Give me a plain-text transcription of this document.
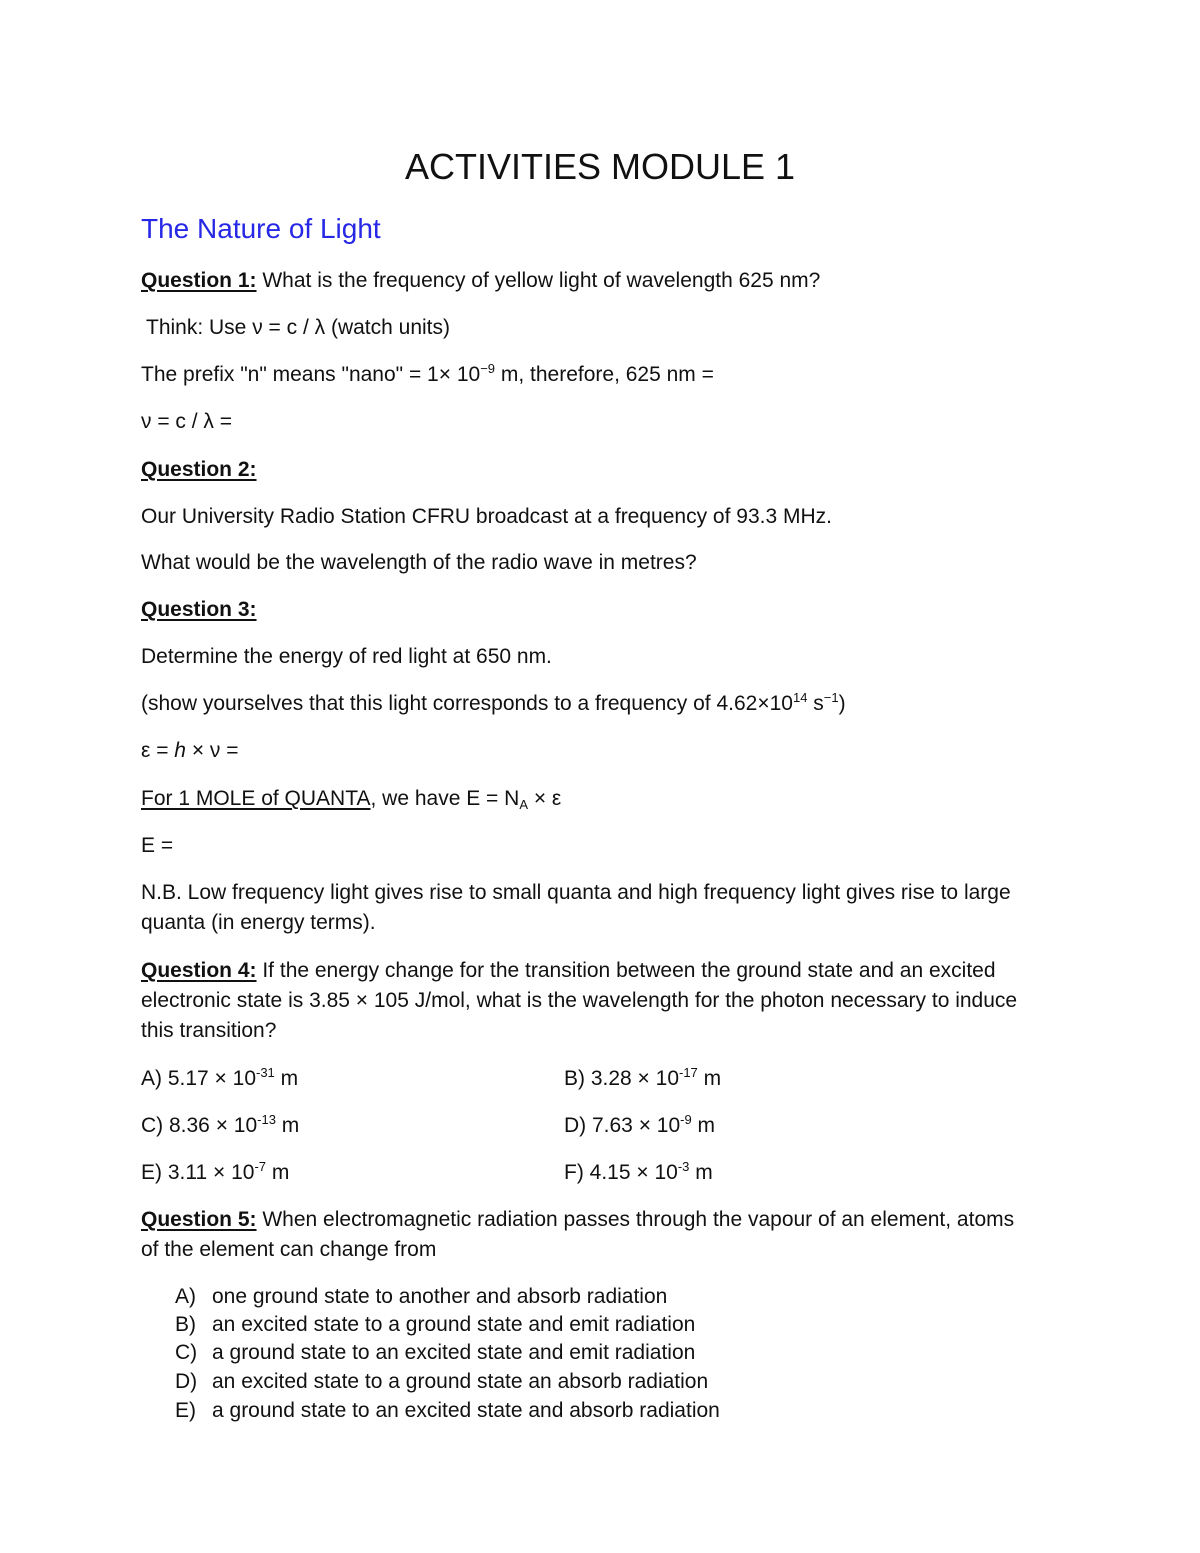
ACTIVITIES MODULE 1
The Nature of Light
Question 1: What is the frequency of yellow light of wavelength 625 nm?
Think: Use ν = c / λ (watch units)
The prefix "n" means "nano" = $1\times 10^{-9}$ m, therefore, 625 nm =
ν = c / λ =
Question 2:
Our University Radio Station CFRU broadcast at a frequency of 93.3 MHz.
What would be the wavelength of the radio wave in metres?
Question 3:
Determine the energy of red light at 650 nm.
(show yourselves that this light corresponds to a frequency of $4.62\times 10^{14}$ $s^{-1}$)
ε = h × ν =
For 1 MOLE of QUANTA, we have $E = N_A \times \varepsilon$
E =
N.B. Low frequency light gives rise to small quanta and high frequency light gives rise to large
quanta (in energy terms).
Question 4: If the energy change for the transition between the ground state and an excited
electronic state is 3.85 × 105 J/mol, what is the wavelength for the photon necessary to induce
this transition?
A) $5.17 \times 10^{-31}$ m	B) $3.28 \times 10^{-17}$ m
C) $8.36 \times 10^{-13}$ m	D) $7.63 \times 10^{-9}$ m
E) $3.11 \times 10^{-7}$ m	F) $4.15 \times 10^{-3}$ m
Question 5: When electromagnetic radiation passes through the vapour of an element, atoms
of the element can change from
A) one ground state to another and absorb radiation
B) an excited state to a ground state and emit radiation
C) a ground state to an excited state and emit radiation
D) an excited state to a ground state an absorb radiation
E) a ground state to an excited state and absorb radiation
